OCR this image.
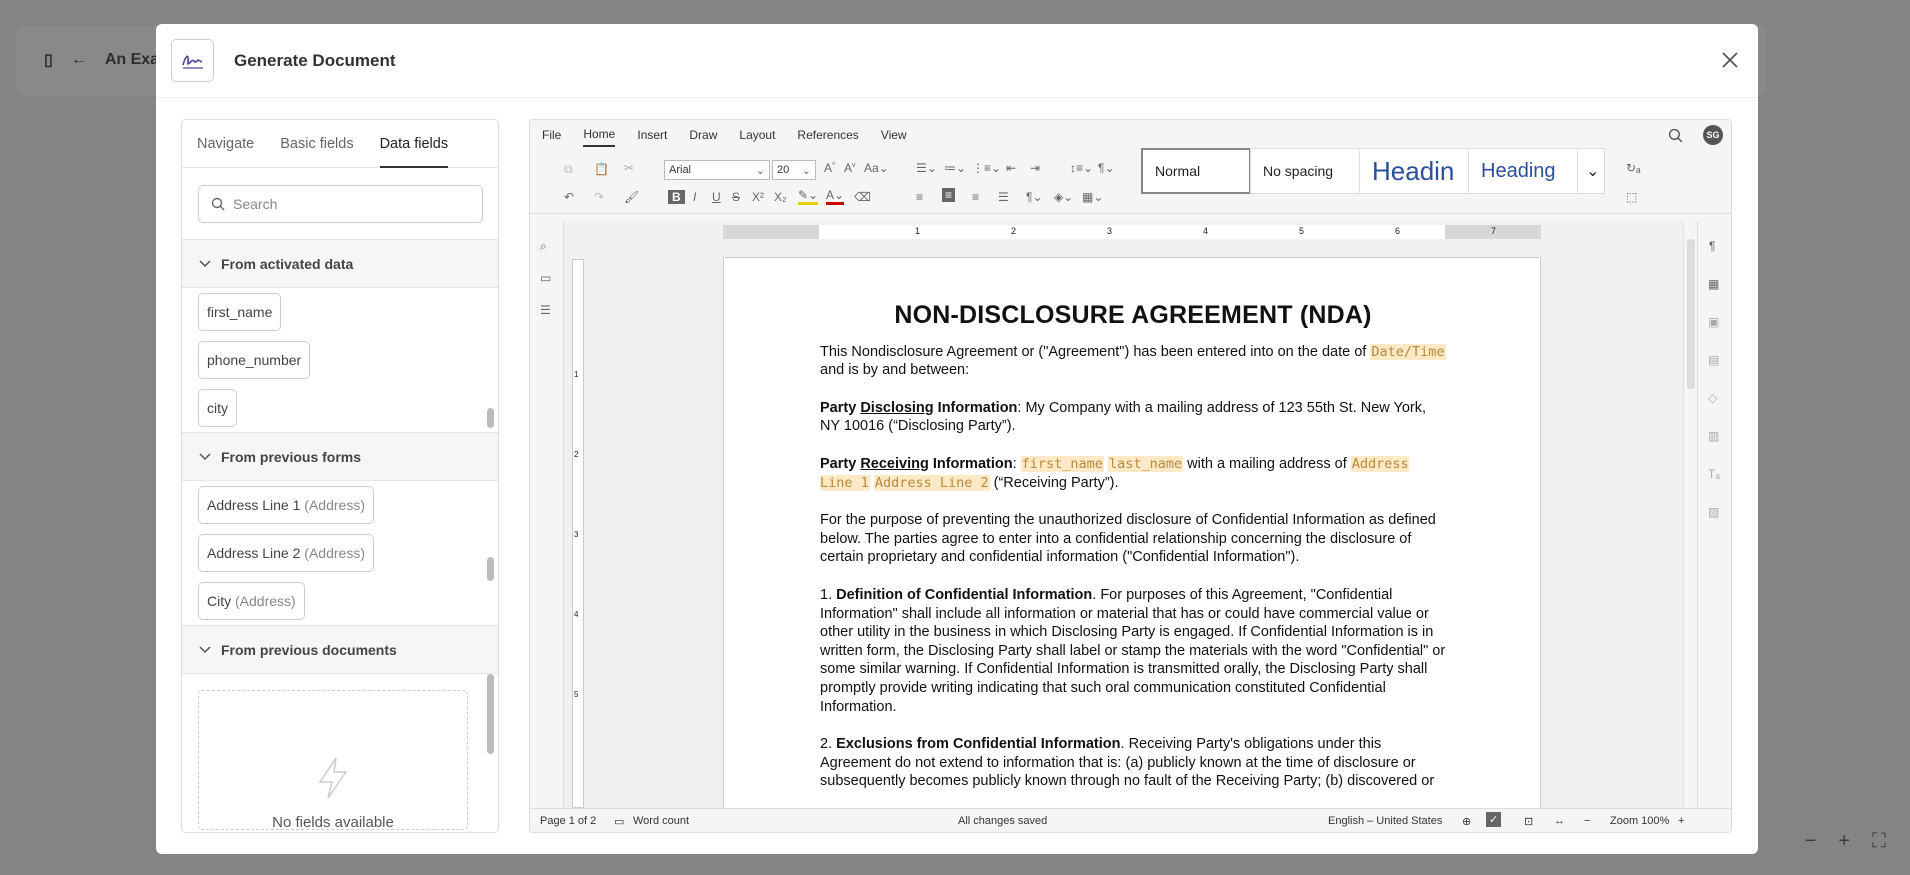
Generate Document
Navigate Basic fields Data fields
Search
From activated data
first_name
phone_number
city
From previous forms
Address Line 1 (Address)
Address Line 2 (Address)
City (Address)
From previous documents
No fields available
File Home Insert Draw Layout References View	SG
⧉ 📋 ✂
↶ ↷ 🖌
Arial	⌄	20 ⌄ A^ $A^v$ Aa⌄
B	I U S X² X₂ ✎⌄ A⌄ ⌫
☰⌄ ≔⌄ ⋮≡⌄ ⇤ ⇥ ↕≡⌄ ¶⌄
≡ ≡ ≡ ☰ ¶⌄ ◈⌄ ▦⌄
Normal	No spacing	Headin	Heading	⌄	↻ₐ
⬚
⌕
▭
☰
1
2
3
4
5
1	2	3	4	5	6	7
NON-DISCLOSURE AGREEMENT (NDA)

This Nondisclosure Agreement or ("Agreement") has been entered into on the date of Date/Time and is by and between:

Party Disclosing Information: My Company with a mailing address of 123 55th St. New York, NY 10016 (“Disclosing Party”).

Party Receiving Information: first_name last_name with a mailing address of Address Line 1 Address Line 2 (“Receiving Party”).

For the purpose of preventing the unauthorized disclosure of Confidential Information as defined below. The parties agree to enter into a confidential relationship concerning the disclosure of certain proprietary and confidential information ("Confidential Information").

1. Definition of Confidential Information. For purposes of this Agreement, "Confidential Information" shall include all information or material that has or could have commercial value or other utility in the business in which Disclosing Party is engaged. If Confidential Information is in written form, the Disclosing Party shall label or stamp the materials with the word "Confidential" or some similar warning. If Confidential Information is transmitted orally, the Disclosing Party shall promptly provide writing indicating that such oral communication constituted Confidential Information.

2. Exclusions from Confidential Information. Receiving Party's obligations under this Agreement do not extend to information that is: (a) publicly known at the time of disclosure or subsequently becomes publicly known through no fault of the Receiving Party; (b) discovered or

¶
▦
▣
▤
◇
▥
Tₐ
▨
Page 1 of 2 ▭ Word count	All changes saved	English – United States ⊕ ✓ ⊡ ↔ − Zoom 100% +
